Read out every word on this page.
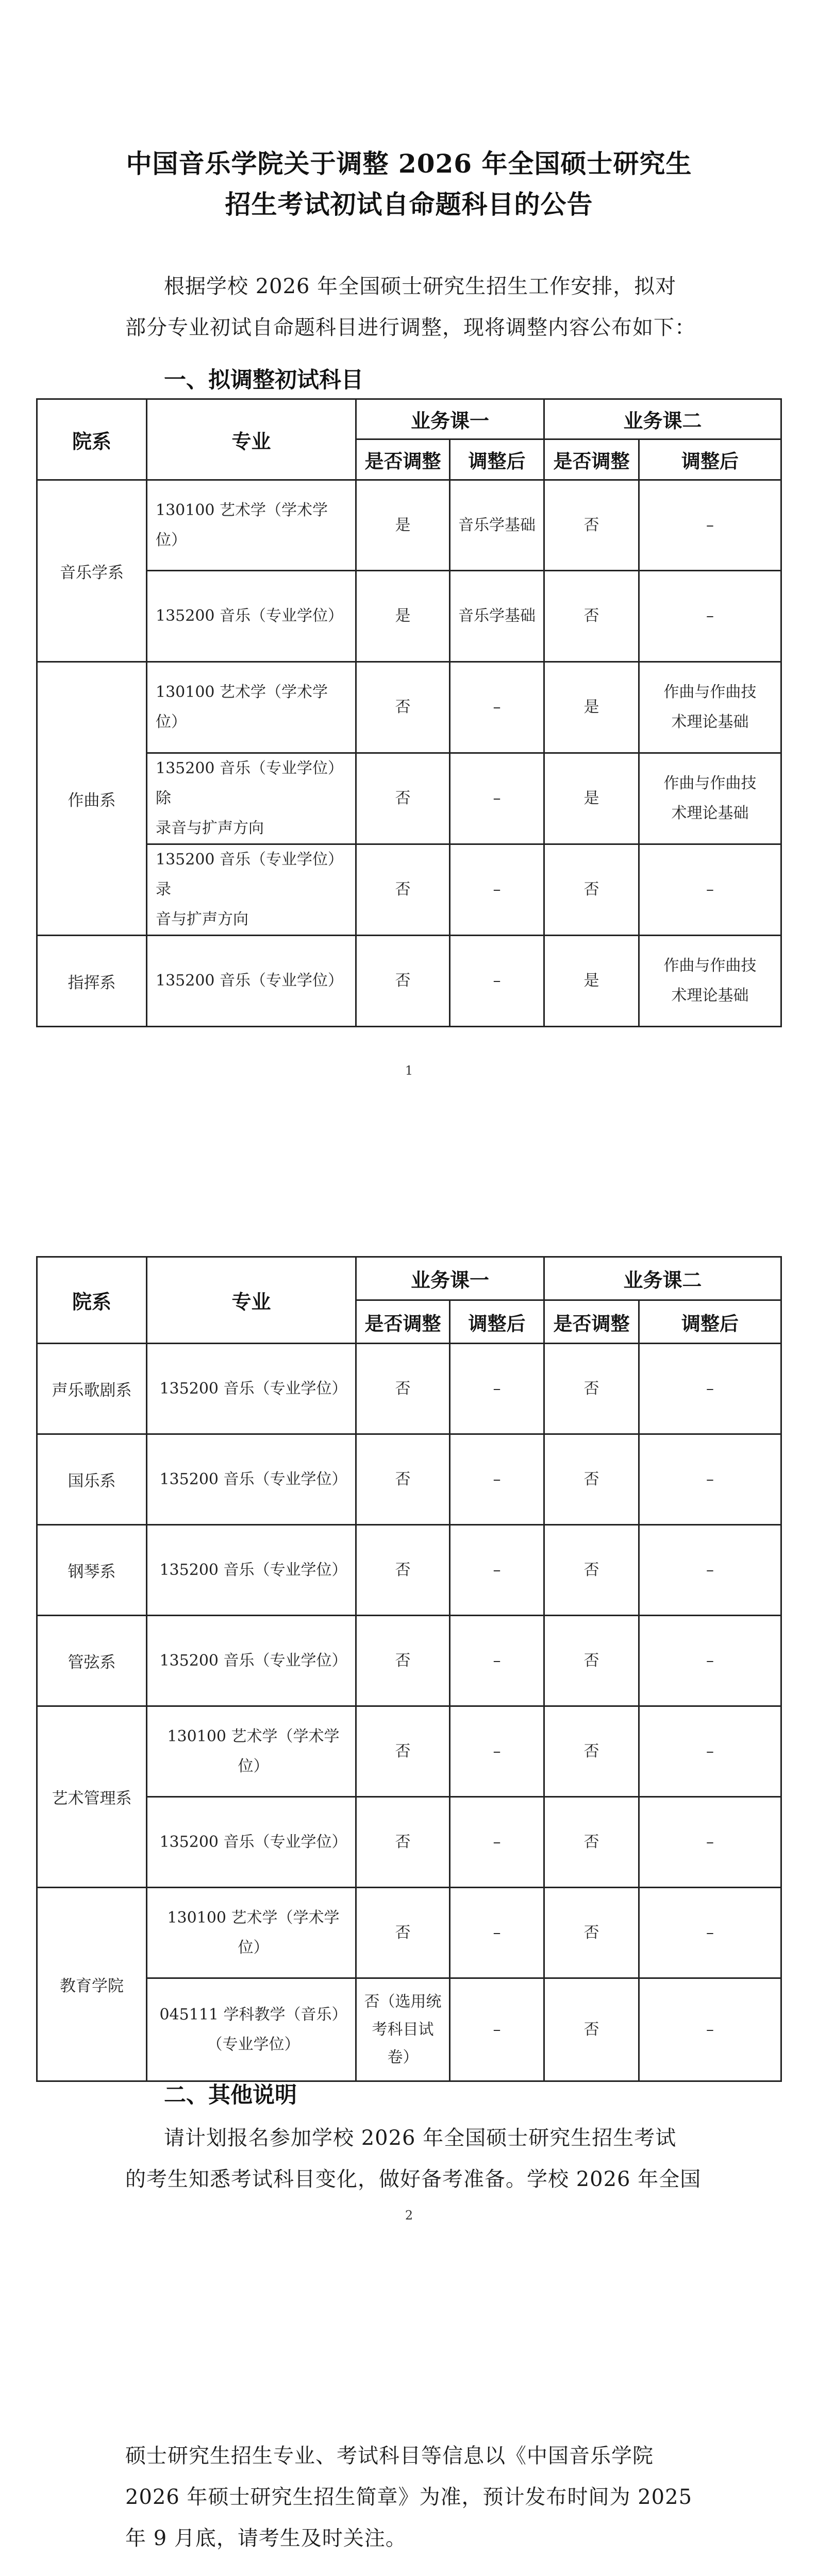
中国音乐学院关于调整 2026 年全国硕士研究生
招生考试初试自命题科目的公告
根据学校 2026 年全国硕士研究生招生工作安排，拟对
部分专业初试自命题科目进行调整，现将调整内容公布如下：
一、拟调整初试科目
院系	专业	业务课一		业务课二	
		是否调整	调整后	是否调整	调整后
音乐学系	130100 艺术学（学术学位）	是	音乐学基础	否	–
	135200 音乐（专业学位）	是	音乐学基础	否	–
作曲系	130100 艺术学（学术学位）	否	–	是	作曲与作曲技
术理论基础
	135200 音乐（专业学位）除
录音与扩声方向	否	–	是	作曲与作曲技
术理论基础
	135200 音乐（专业学位）录
音与扩声方向	否	–	否	–
指挥系	135200 音乐（专业学位）	否	–	是	作曲与作曲技
术理论基础
1
院系	专业	业务课一		业务课二	
		是否调整	调整后	是否调整	调整后
声乐歌剧系	135200 音乐（专业学位）	否	–	否	–
国乐系	135200 音乐（专业学位）	否	–	否	–
钢琴系	135200 音乐（专业学位）	否	–	否	–
管弦系	135200 音乐（专业学位）	否	–	否	–
艺术管理系	130100 艺术学（学术学位）	否	–	否	–
	135200 音乐（专业学位）	否	–	否	–
教育学院	130100 艺术学（学术学位）	否	–	否	–
	045111 学科教学（音乐）
（专业学位）	否（选用统
考科目试
卷）	–	否	–
二、其他说明
请计划报名参加学校 2026 年全国硕士研究生招生考试
的考生知悉考试科目变化，做好备考准备。学校 2026 年全国
2
硕士研究生招生专业、考试科目等信息以《中国音乐学院
2026 年硕士研究生招生简章》为准，预计发布时间为 2025
年 9 月底，请考生及时关注。
